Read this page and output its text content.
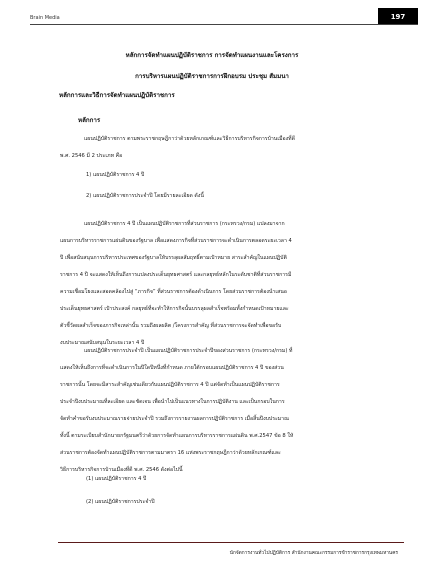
Brain Media	197
หลักการจัดทำแผนปฏิบัติราชการ การจัดทำแผนงานและโครงการ
การบริหารแผนปฏิบัติราชการการฝึกอบรม ประชุม สัมมนา
หลักการและวิธีการจัดทำแผนปฏิบัติราชการ
หลักการ
แผนปฏิบัติราชการ ตามพระราชกฤษฎีกาว่าด้วยหลักเกณฑ์และวิธีการบริหารกิจการบ้านเมืองที่ดี
พ.ศ. 2546 มี 2 ประเภท คือ
1) แผนปฏิบัติราชการ 4 ปี
2) แผนปฏิบัติราชการประจำปี โดยมีรายละเอียด ดังนี้
แผนปฏิบัติราชการ 4 ปี เป็นแผนปฏิบัติราชการที่ส่วนราชการ (กระทรวง/กรม) แปลงมาจาก
แผนการบริหารราชการแผ่นดินของรัฐบาล เพื่อแสดงภารกิจที่ส่วนราชการจะดำเนินการตลอดระยะเวลา 4
ปี เพื่อสนับสนุนการบริหารประเทศของรัฐบาลให้บรรลุผลสัมฤทธิ์ตามเป้าหมาย สาระสำคัญในแผนปฏิบัติ
ราชการ 4 ปี จะแสดงให้เห็นถึงการแปลงประเด็นยุทธศาสตร์ และกลยุทธ์หลักในระดับชาติที่ส่วนราชการมี
ความเชื่อมโยงและสอดคล้องไปสู่ “ภารกิจ” ที่ส่วนราชการต้องดำเนินการ โดยส่วนราชการต้องนำเสนอ
ประเด็นยุทธศาสตร์ เป้าประสงค์ กลยุทธ์ที่จะทำให้การกิจนั้นบรรลุผลสำเร็จพร้อมทั้งกำหนดเป้าหมายและ
ตัวชี้วัดผลสำเร็จของภารกิจเหล่านั้น รวมถึงผลผลิต /โครงการสำคัญ ที่ส่วนราชการจะจัดทำเพื่อขอรับ
งบประมาณสนับสนุนในระยะเวลา 4 ปี
แผนปฏิบัติราชการประจำปี เป็นแผนปฏิบัติราชการประจำปีของส่วนราชการ (กระทรวง/กรม) ที่
แสดงให้เห็นถึงการที่จะดำเนินการในปีใดปีหนึ่งที่กำหนด ภายใต้กรอบแผนปฏิบัติราชการ 4 ปี ของส่วน
ราชการนั้น โดยจะมีสาระสำคัญเช่นเดียวกับแผนปฏิบัติราชการ 4 ปี แต่จัดทำเป็นแผนปฏิบัติราชการ
ประจำปีงบประมาณที่ละเอียด และชัดเจน เพื่อนำไปเป็นแนวทางในการปฏิบัติงาน และเป็นกรอบในการ
จัดทำคำขอรับงบประมาณรายจ่ายประจำปี รวมถึงการรายงานผลการปฏิบัติราชการ เมื่อสิ้นปีงบประมาณ
ทั้งนี้ ตามระเบียบสำนักนายกรัฐมนตรีว่าด้วยการจัดทำแผนการบริหารราชการแผ่นดิน พ.ศ.2547 ข้อ 8 ให้
ส่วนราชการต้องจัดทำแผนปฏิบัติราชการตามมาตรา 16 แห่งพระราชกฤษฎีกาว่าด้วยหลักเกณฑ์และ
วิธีการบริหารกิจการบ้านเมืองที่ดี พ.ศ. 2546 ดังต่อไปนี้
(1) แผนปฏิบัติราชการ 4 ปี
(2) แผนปฏิบัติราชการประจำปี
นักจัดการงานทั่วไปปฏิบัติการ สำนักงานคณะกรรมการข้าราชการกรุงเทพมหานคร
